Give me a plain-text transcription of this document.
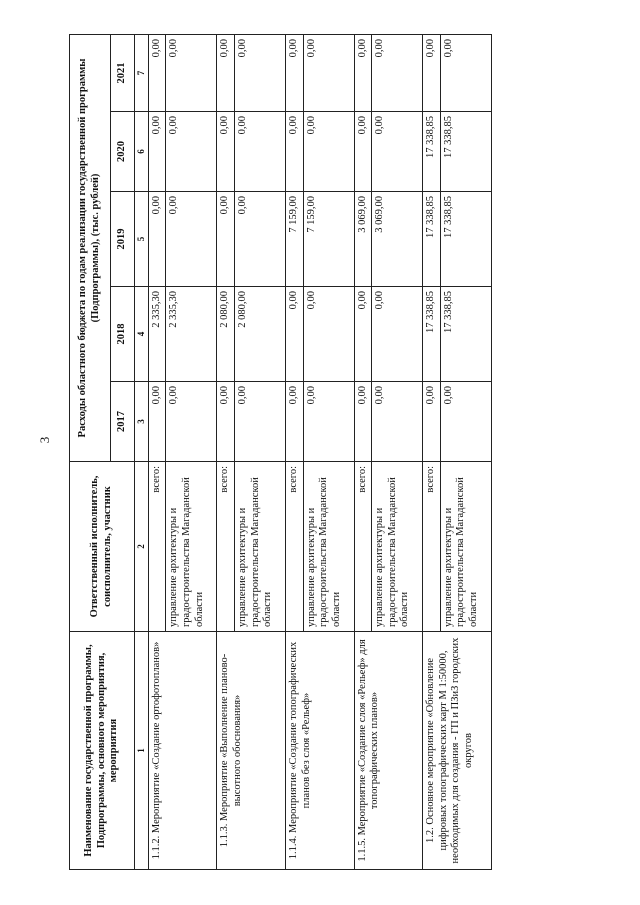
3
Наименование государственной программы, Подпрограммы, основного мероприятия, мероприятия	Ответственный исполнитель, соисполнитель, участник	Расходы областного бюджета по годам реализации государственной программы (Подпрограммы), (тыс. рублей)				
		2017	2018	2019	2020	2021
1	2	3	4	5	6	7
1.1.2. Мероприятие «Создание ортофотопланов»	всего:	0,00	2 335,30	0,00	0,00	0,00
	управление архитектуры и градостроительства Магаданской области	0,00	2 335,30	0,00	0,00	0,00
1.1.3. Мероприятие «Выполнение планово-высотного обоснования»	всего:	0,00	2 080,00	0,00	0,00	0,00
	управление архитектуры и градостроительства Магаданской области	0,00	2 080,00	0,00	0,00	0,00
1.1.4. Мероприятие «Создание топографических планов без слоя «Рельеф»	всего:	0,00	0,00	7 159,00	0,00	0,00
	управление архитектуры и градостроительства Магаданской области	0,00	0,00	7 159,00	0,00	0,00
1.1.5. Мероприятие «Создание слоя «Рельеф» для топографических планов»	всего:	0,00	0,00	3 069,00	0,00	0,00
	управление архитектуры и градостроительства Магаданской области	0,00	0,00	3 069,00	0,00	0,00
1.2. Основное мероприятие «Обновление цифровых топографических карт М 1:50000, необходимых для создания - ГП и ПЗиЗ городских округов	всего:	0,00	17 338,85	17 338,85	17 338,85	0,00
	управление архитектуры и градостроительства Магаданской области	0,00	17 338,85	17 338,85	17 338,85	0,00
